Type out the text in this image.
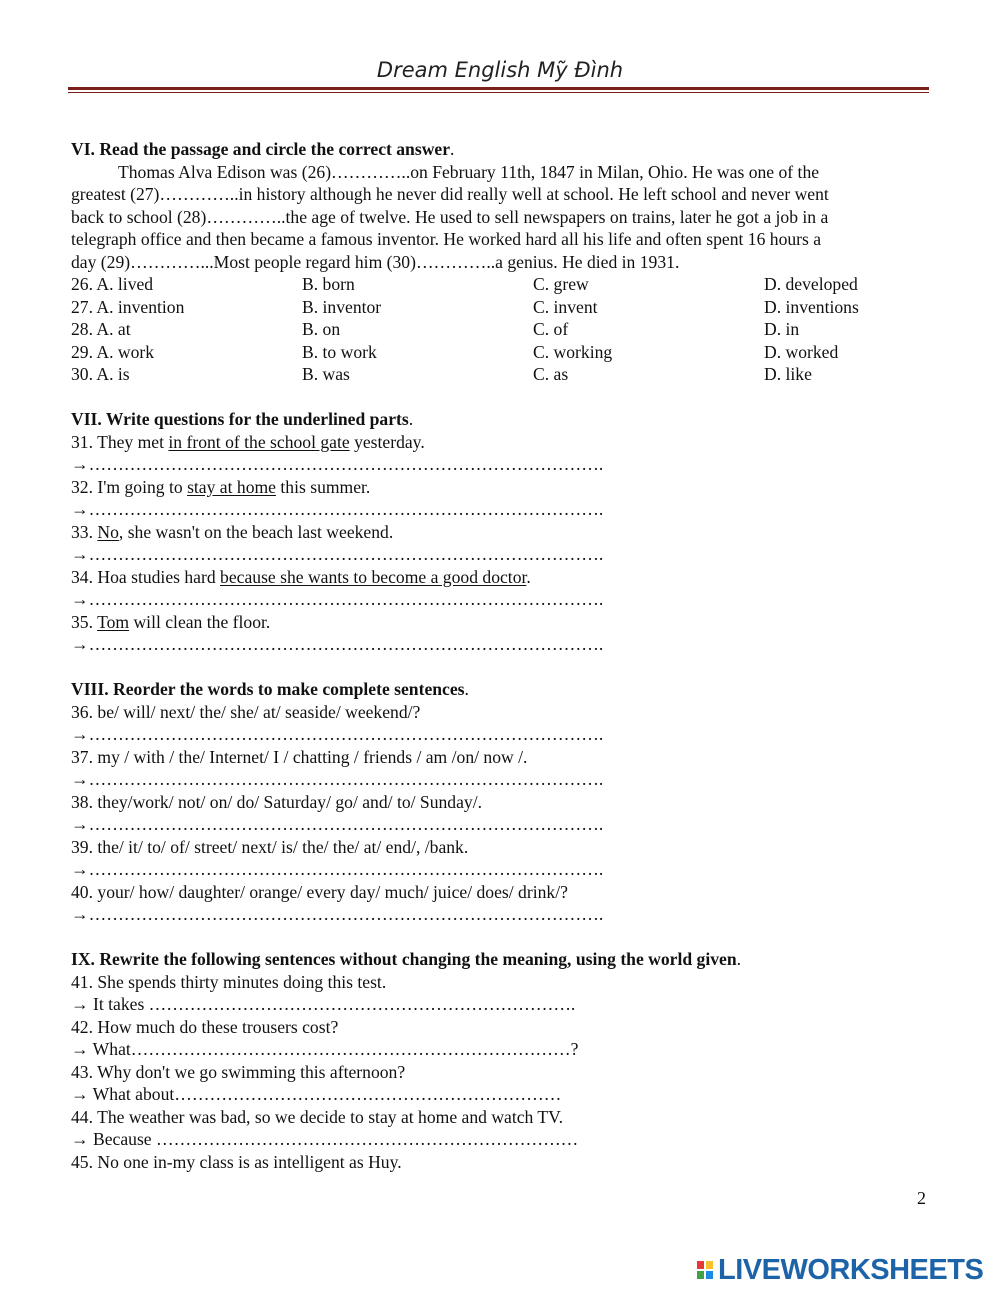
Dream English Mỹ Đình
VI. Read the passage and circle the correct answer.
Thomas Alva Edison was (26)…………..on February 11th, 1847 in Milan, Ohio. He was one of the
greatest (27)…………..in history although he never did really well at school. He left school and never went
back to school (28)…………..the age of twelve. He used to sell newspapers on trains, later he got a job in a
telegraph office and then became a famous inventor. He worked hard all his life and often spent 16 hours a
day (29)…………...Most people regard him (30)…………..a genius. He died in 1931.
26. A. lived	B. born	C. grew	D. developed
27. A. invention	B. inventor	C. invent	D. inventions
28. A. at	B. on	C. of	D. in
29. A. work	B. to work	C. working	D. worked
30. A. is	B. was	C. as	D. like
VII. Write questions for the underlined parts.
31. They met in front of the school gate yesterday.
→…………………………………………………………………………….
32. I'm going to stay at home this summer.
→…………………………………………………………………………….
33. No, she wasn't on the beach last weekend.
→…………………………………………………………………………….
34. Hoa studies hard because she wants to become a good doctor.
→…………………………………………………………………………….
35. Tom will clean the floor.
→…………………………………………………………………………….
VIII. Reorder the words to make complete sentences.
36. be/ will/ next/ the/ she/ at/ seaside/ weekend/?
→…………………………………………………………………………….
37. my / with / the/ Internet/ I / chatting / friends / am /on/ now /.
→…………………………………………………………………………….
38. they/work/ not/ on/ do/ Saturday/ go/ and/ to/ Sunday/.
→…………………………………………………………………………….
39. the/ it/ to/ of/ street/ next/ is/ the/ the/ at/ end/, /bank.
→…………………………………………………………………………….
40. your/ how/ daughter/ orange/ every day/ much/ juice/ does/ drink/?
→…………………………………………………………………………….
IX. Rewrite the following sentences without changing the meaning, using the world given.
41. She spends thirty minutes doing this test.
→ It takes ……………………………………………………………….
42. How much do these trousers cost?
→ What…………………………………………………………………?
43. Why don't we go swimming this afternoon?
→ What about…………………………………………………………
44. The weather was bad, so we decide to stay at home and watch TV.
→ Because ………………………………………………………………
45. No one in-my class is as intelligent as Huy.
2
LIVEWORKSHEETS
